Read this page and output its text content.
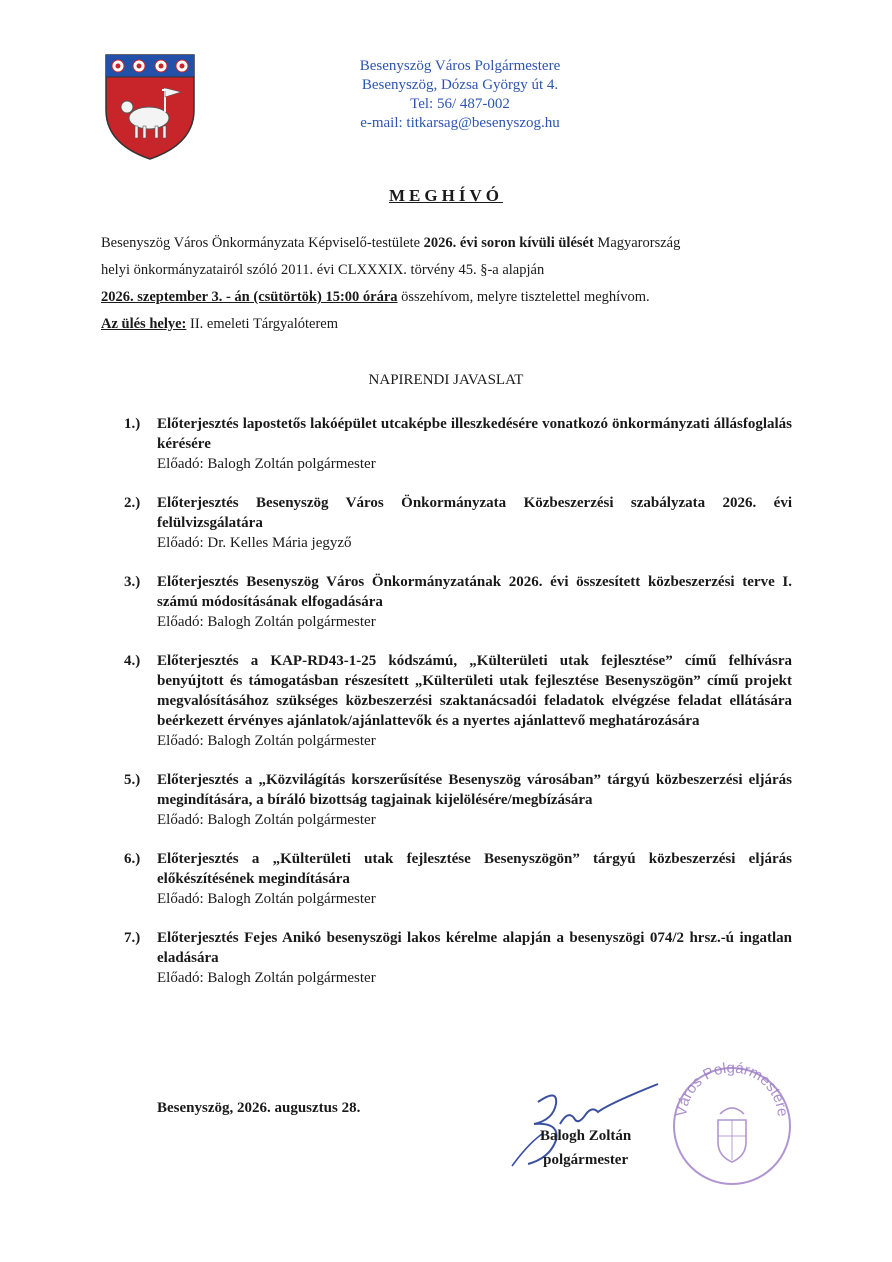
Besenyszög Város Polgármestere
Besenyszög, Dózsa György út 4.
Tel: 56/ 487-002
e-mail: titkarsag@besenyszog.hu
MEGHÍVÓ

Besenyszög Város Önkormányzata Képviselő-testülete 2026. évi soron kívüli ülését Magyarország

helyi önkormányzatairól szóló 2011. évi CLXXXIX. törvény 45. §-a alapján

2026. szeptember 3. - án (csütörtök) 15:00 órára összehívom, melyre tisztelettel meghívom.

Az ülés helye: II. emeleti Tárgyalóterem

NAPIRENDI JAVASLAT
1.)	Előterjesztés lapostetős lakóépület utcaképbe illeszkedésére vonatkozó önkormányzati állásfoglalás kérésére
Előadó: Balogh Zoltán polgármester
2.)	Előterjesztés Besenyszög Város Önkormányzata Közbeszerzési szabályzata 2026. évi felülvizsgálatára
Előadó: Dr. Kelles Mária jegyző
3.)	Előterjesztés Besenyszög Város Önkormányzatának 2026. évi összesített közbeszerzési terve I. számú módosításának elfogadására
Előadó: Balogh Zoltán polgármester
4.)	Előterjesztés a KAP-RD43-1-25 kódszámú, „Külterületi utak fejlesztése” című felhívásra benyújtott és támogatásban részesített „Külterületi utak fejlesztése Besenyszögön” című projekt megvalósításához szükséges közbeszerzési szaktanácsadói feladatok elvégzése feladat ellátására beérkezett érvényes ajánlatok/ajánlattevők és a nyertes ajánlattevő meghatározására
Előadó: Balogh Zoltán polgármester
5.)	Előterjesztés a „Közvilágítás korszerűsítése Besenyszög városában” tárgyú közbeszerzési eljárás megindítására, a bíráló bizottság tagjainak kijelölésére/megbízására
Előadó: Balogh Zoltán polgármester
6.)	Előterjesztés a „Külterületi utak fejlesztése Besenyszögön” tárgyú közbeszerzési eljárás előkészítésének megindítására
Előadó: Balogh Zoltán polgármester
7.)	Előterjesztés Fejes Anikó besenyszögi lakos kérelme alapján a besenyszögi 074/2 hrsz.-ú ingatlan eladására
Előadó: Balogh Zoltán polgármester
Besenyszög, 2026. augusztus 28.
Balogh Zoltán
polgármester
Város Polgármestere
